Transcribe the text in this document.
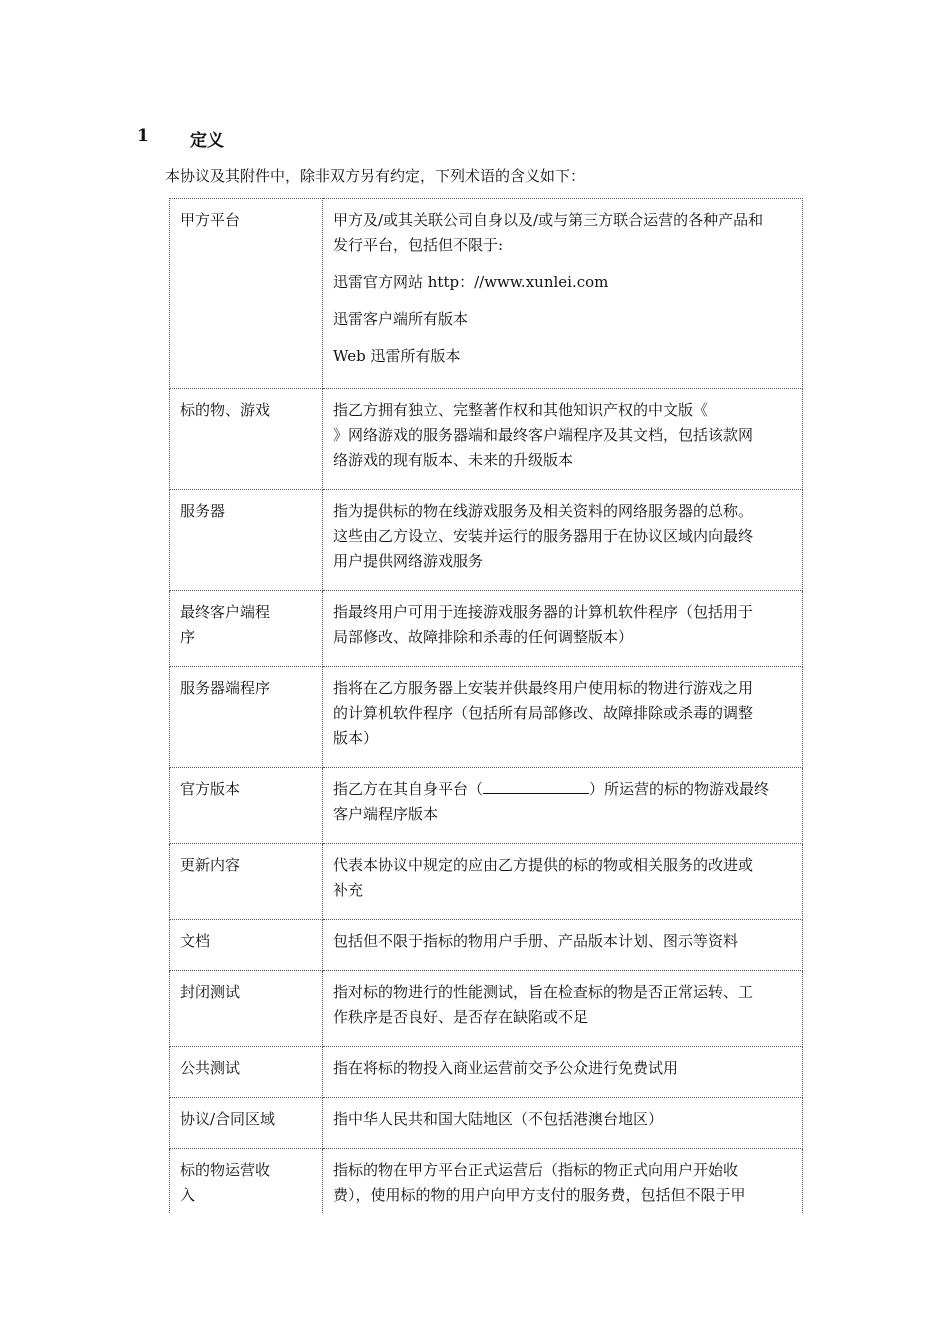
1	定义
本协议及其附件中，除非双方另有约定，下列术语的含义如下：
甲方平台	甲方及/或其关联公司自身以及/或与第三方联合运营的各种产品和
发行平台，包括但不限于:
迅雷官方网站 http：//www.xunlei.com
迅雷客户端所有版本
Web 迅雷所有版本

标的物、游戏	指乙方拥有独立、完整著作权和其他知识产权的中文版《
》网络游戏的服务器端和最终客户端程序及其文档，包括该款网
络游戏的现有版本、未来的升级版本

服务器	指为提供标的物在线游戏服务及相关资料的网络服务器的总称。
这些由乙方设立、安装并运行的服务器用于在协议区域内向最终
用户提供网络游戏服务

最终客户端程
序	指最终用户可用于连接游戏服务器的计算机软件程序（包括用于
局部修改、故障排除和杀毒的任何调整版本）

服务器端程序	指将在乙方服务器上安装并供最终用户使用标的物进行游戏之用
的计算机软件程序（包括所有局部修改、故障排除或杀毒的调整
版本）

官方版本	指乙方在其自身平台（ ）所运营的标的物游戏最终
客户端程序版本

更新内容	代表本协议中规定的应由乙方提供的标的物或相关服务的改进或
补充

文档	包括但不限于指标的物用户手册、产品版本计划、图示等资料

封闭测试	指对标的物进行的性能测试，旨在检查标的物是否正常运转、工
作秩序是否良好、是否存在缺陷或不足

公共测试	指在将标的物投入商业运营前交予公众进行免费试用

协议/合同区域	指中华人民共和国大陆地区（不包括港澳台地区）

标的物运营收
入	指标的物在甲方平台正式运营后（指标的物正式向用户开始收
费），使用标的物的用户向甲方支付的服务费，包括但不限于甲
